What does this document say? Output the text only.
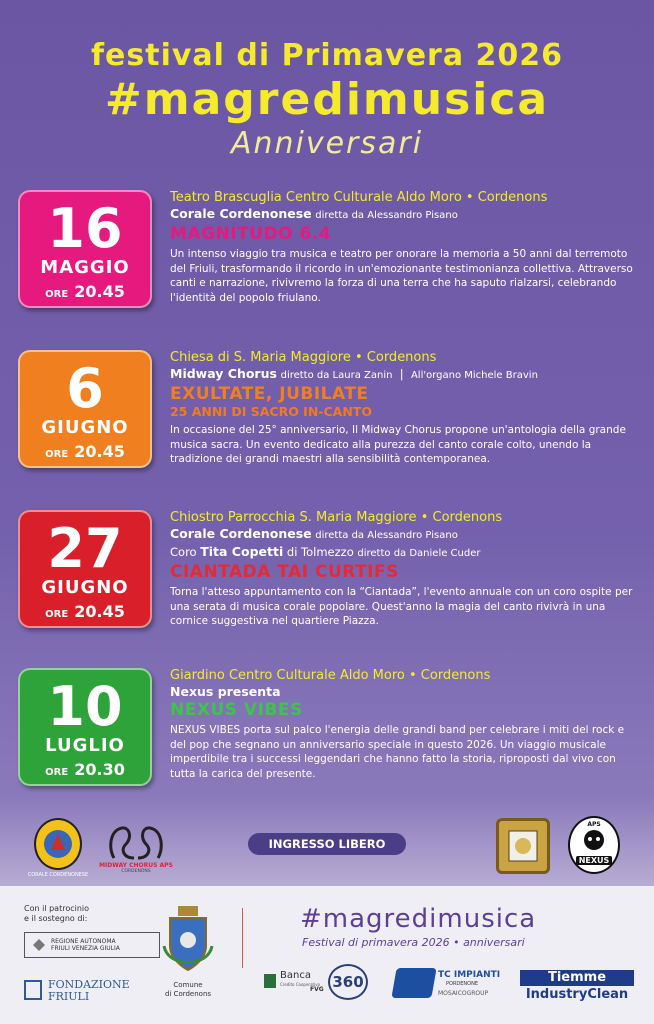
festival di Primavera 2026
#magredimusica
Anniversari
16
MAGGIO
ORE 20.45
Teatro Brascuglia Centro Culturale Aldo Moro • Cordenons
Corale Cordenonese diretta da Alessandro Pisano
MAGNITUDO 6.4
Un intenso viaggio tra musica e teatro per onorare la memoria a 50 anni dal terremoto del Friuli, trasformando il ricordo in un'emozionante testimonianza collettiva. Attraverso canti e narrazione, rivivremo la forza di una terra che ha saputo rialzarsi, celebrando l'identità del popolo friulano.
6
GIUGNO
ORE 20.45
Chiesa di S. Maria Maggiore • Cordenons
Midway Chorus diretto da Laura Zanin | All'organo Michele Bravin
EXULTATE, JUBILATE
25 ANNI DI SACRO IN-CANTO
In occasione del 25° anniversario, Il Midway Chorus propone un'antologia della grande musica sacra. Un evento dedicato alla purezza del canto corale colto, unendo la tradizione dei grandi maestri alla sensibilità contemporanea.
27
GIUGNO
ORE 20.45
Chiostro Parrocchia S. Maria Maggiore • Cordenons
Corale Cordenonese diretta da Alessandro Pisano
Coro Tita Copetti di Tolmezzo diretto da Daniele Cuder
CIANTADA TAI CURTIFS
Torna l'atteso appuntamento con la “Ciantada”, l'evento annuale con un coro ospite per una serata di musica corale popolare. Quest'anno la magia del canto rivivrà in una cornice suggestiva nel quartiere Piazza.
10
LUGLIO
ORE 20.30
Giardino Centro Culturale Aldo Moro • Cordenons
Nexus presenta
NEXUS VIBES
NEXUS VIBES porta sul palco l'energia delle grandi band per celebrare i miti del rock e del pop che segnano un anniversario speciale in questo 2026. Un viaggio musicale imperdibile tra i successi leggendari che hanno fatto la storia, riproposti dal vivo con tutta la carica del presente.
CORALE CORDENONESE
MIDWAY CHORUS APS
CORDENONS
INGRESSO LIBERO
APS
NEXUS
Con il patrocinio
e il sostegno di:
REGIONE AUTONOMA
FRIULI VENEZIA GIULIA
FONDAZIONE
FRIULI
Comune
di Cordenons
#magredimusica
Festival di primavera 2026 • anniversari
Banca
Credito Cooperativo
FVG 360	TC IMPIANTI
PORDENONE
MOSAICOGROUP
Tiemme
IndustryClean
